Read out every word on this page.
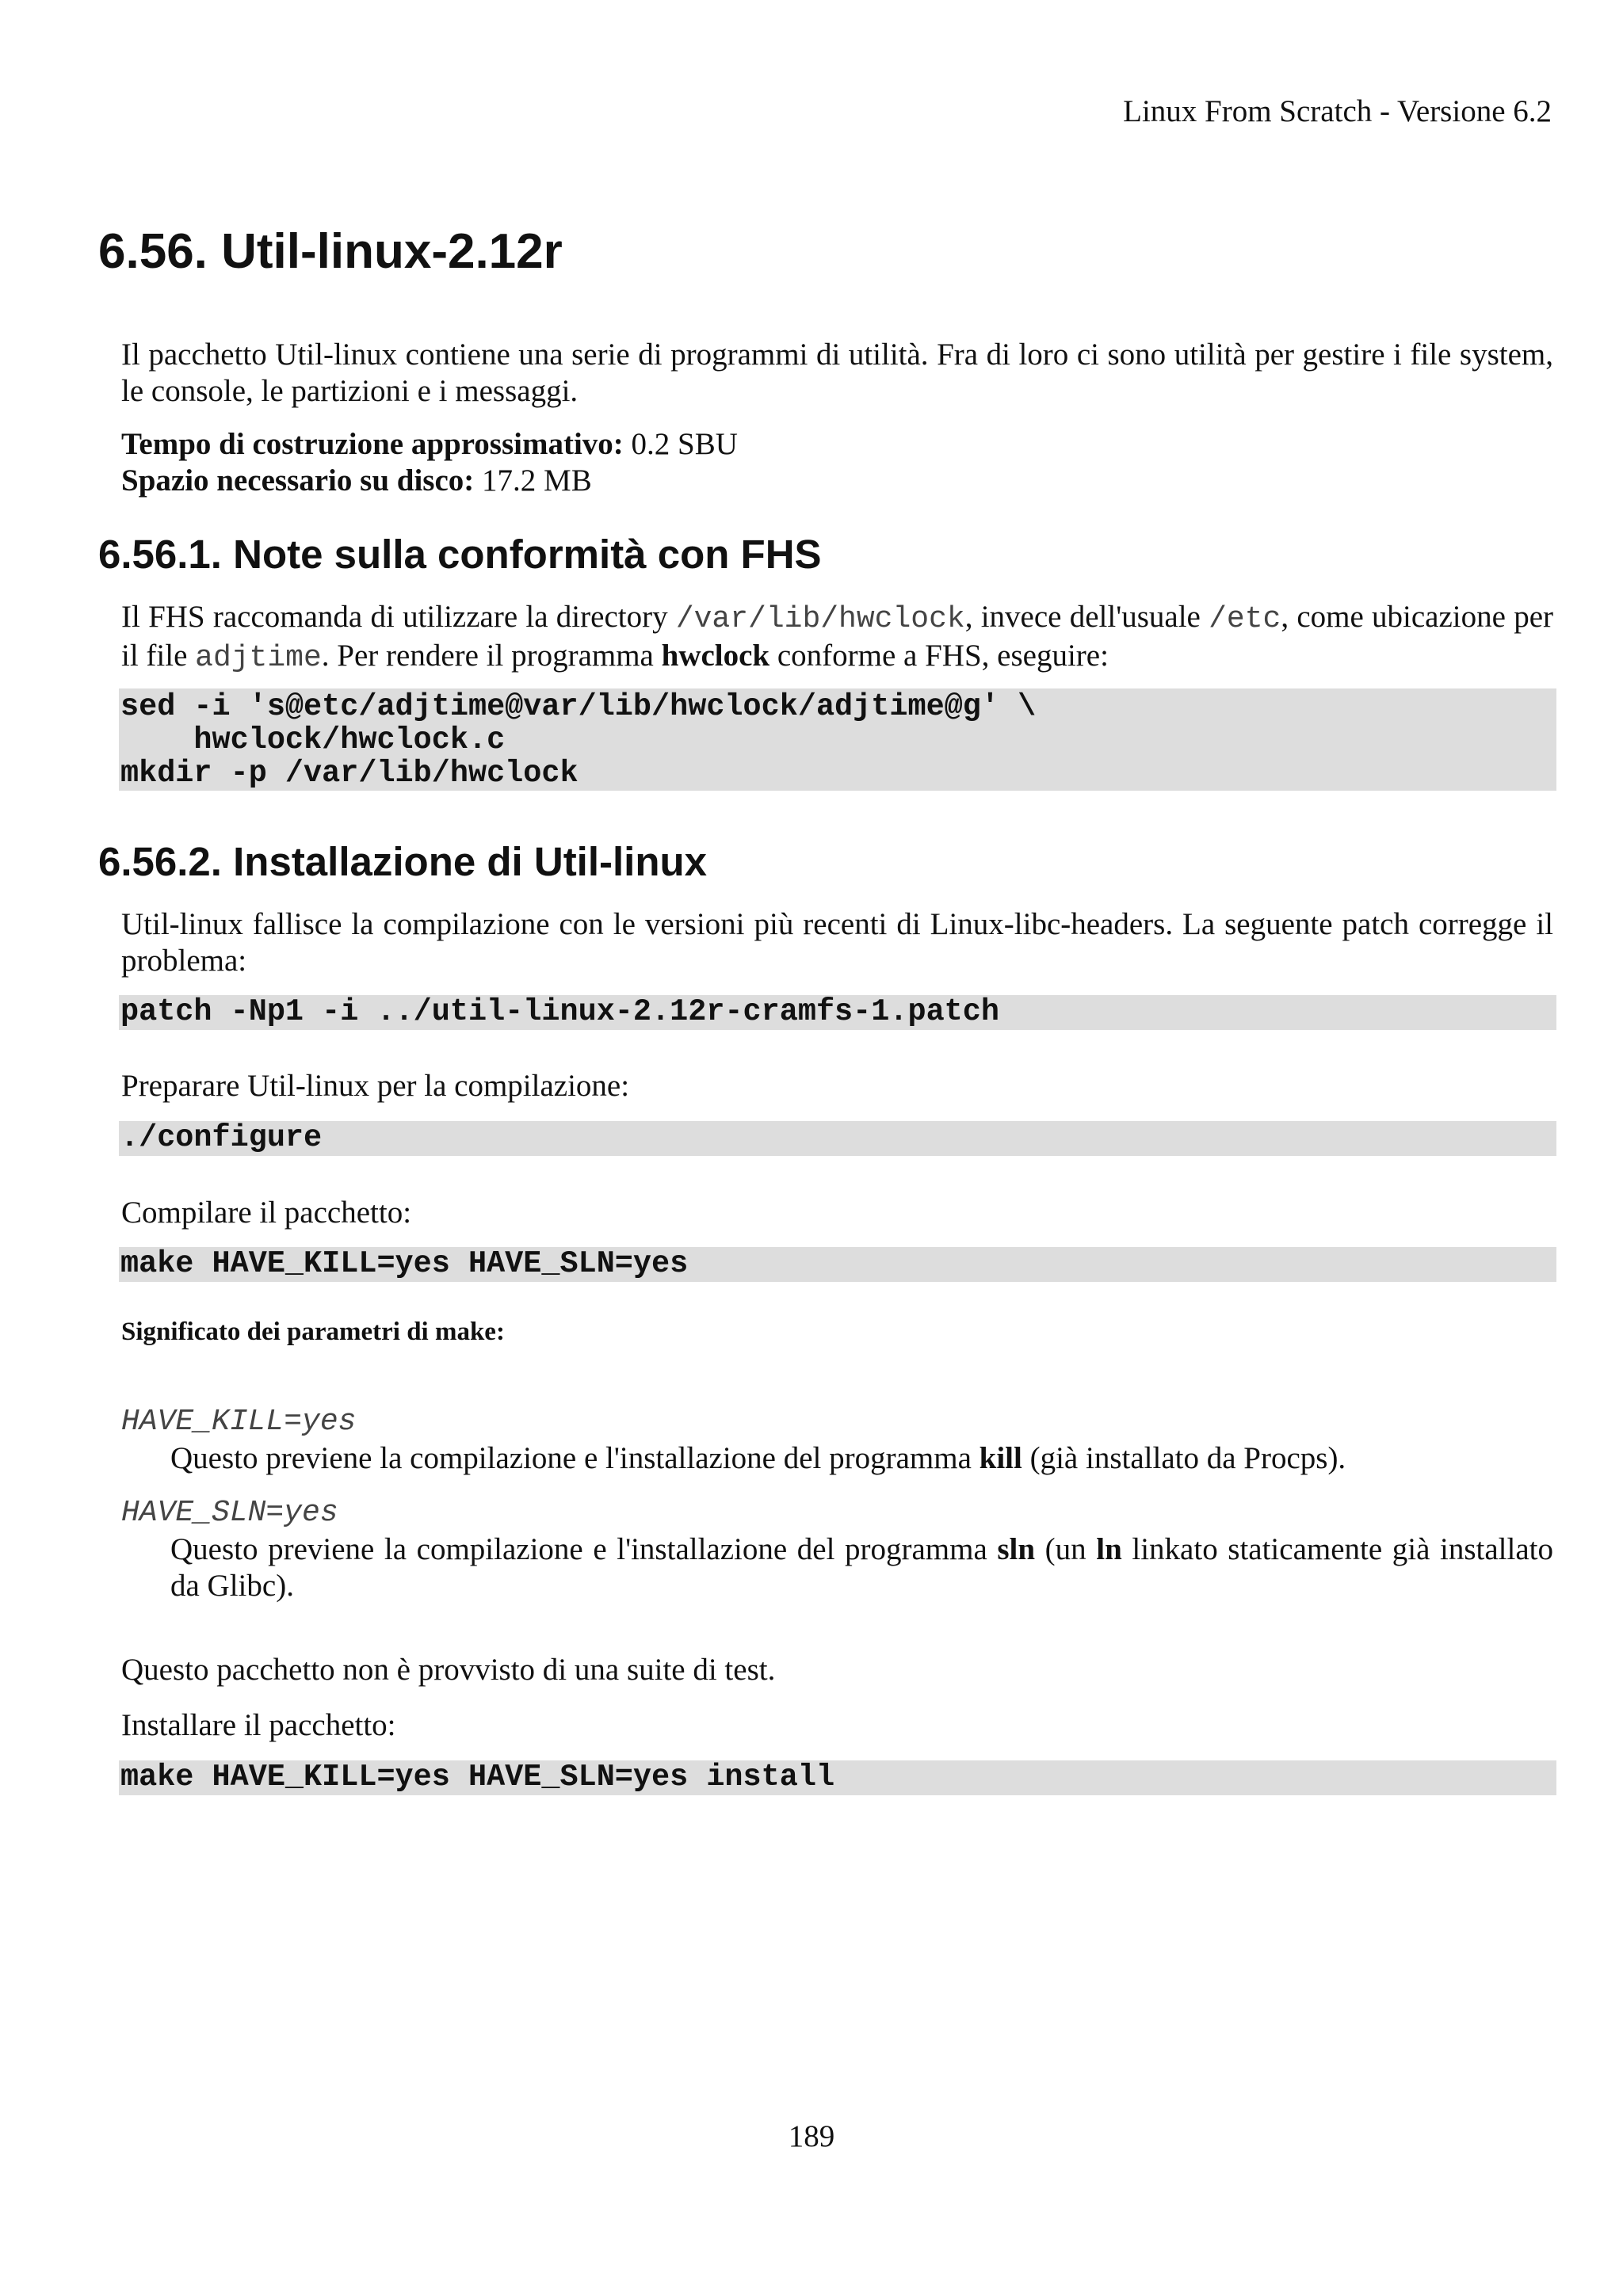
Linux From Scratch - Versione 6.2
6.56. Util-linux-2.12r

Il pacchetto Util-linux contiene una serie di programmi di utilità. Fra di loro ci sono utilità per gestire i file system, le console, le partizioni e i messaggi.

Tempo di costruzione approssimativo: 0.2 SBU

Spazio necessario su disco: 17.2 MB

6.56.1. Note sulla conformità con FHS

Il FHS raccomanda di utilizzare la directory /var/lib/hwclock, invece dell'usuale /etc, come ubicazione per il file adjtime. Per rendere il programma hwclock conforme a FHS, eseguire:

sed -i 's@etc/adjtime@var/lib/hwclock/adjtime@g' \
hwclock/hwclock.c
mkdir -p /var/lib/hwclock
6.56.2. Installazione di Util-linux

Util-linux fallisce la compilazione con le versioni più recenti di Linux-libc-headers. La seguente patch corregge il problema:

patch -Np1 -i ../util-linux-2.12r-cramfs-1.patch

Preparare Util-linux per la compilazione:

./configure

Compilare il pacchetto:

make HAVE_KILL=yes HAVE_SLN=yes
Significato dei parametri di make:
HAVE_KILL=yes
Questo previene la compilazione e l'installazione del programma kill (già installato da Procps).
HAVE_SLN=yes
Questo previene la compilazione e l'installazione del programma sln (un ln linkato staticamente già installato da Glibc).

Questo pacchetto non è provvisto di una suite di test.

Installare il pacchetto:

make HAVE_KILL=yes HAVE_SLN=yes install
189
